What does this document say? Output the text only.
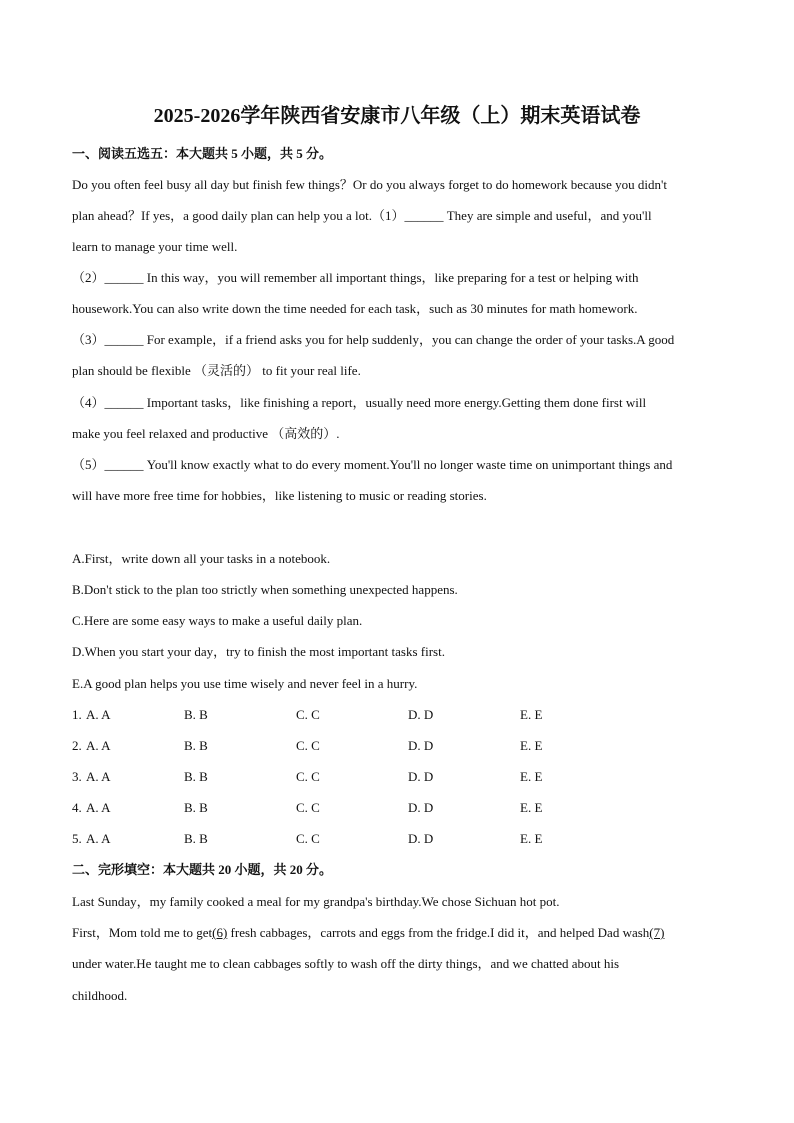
2025-2026学年陕西省安康市八年级（上）期末英语试卷
一、阅读五选五：本大题共 5 小题，共 5 分。
Do you often feel busy all day but finish few things？Or do you always forget to do homework because you didn't
plan ahead？If yes，a good daily plan can help you a lot.（1）______ They are simple and useful，and you'll
learn to manage your time well.
（2）______ In this way，you will remember all important things，like preparing for a test or helping with
housework.You can also write down the time needed for each task，such as 30 minutes for math homework.
（3）______ For example，if a friend asks you for help suddenly，you can change the order of your tasks.A good
plan should be flexible （灵活的） to fit your real life.
（4）______ Important tasks，like finishing a report，usually need more energy.Getting them done first will
make you feel relaxed and productive （高效的）.
（5）______ You'll know exactly what to do every moment.You'll no longer waste time on unimportant things and
will have more free time for hobbies，like listening to music or reading stories.
A.First，write down all your tasks in a notebook.
B.Don't stick to the plan too strictly when something unexpected happens.
C.Here are some easy ways to make a useful daily plan.
D.When you start your day，try to finish the most important tasks first.
E.A good plan helps you use time wisely and never feel in a hurry.
1. A. A	B. B	C. C	D. D	E. E
2. A. A	B. B	C. C	D. D	E. E
3. A. A	B. B	C. C	D. D	E. E
4. A. A	B. B	C. C	D. D	E. E
5. A. A	B. B	C. C	D. D	E. E
二、完形填空：本大题共 20 小题，共 20 分。
Last Sunday，my family cooked a meal for my grandpa's birthday.We chose Sichuan hot pot.
First，Mom told me to get(6) fresh cabbages，carrots and eggs from the fridge.I did it，and helped Dad wash(7)
under water.He taught me to clean cabbages softly to wash off the dirty things，and we chatted about his
childhood.
